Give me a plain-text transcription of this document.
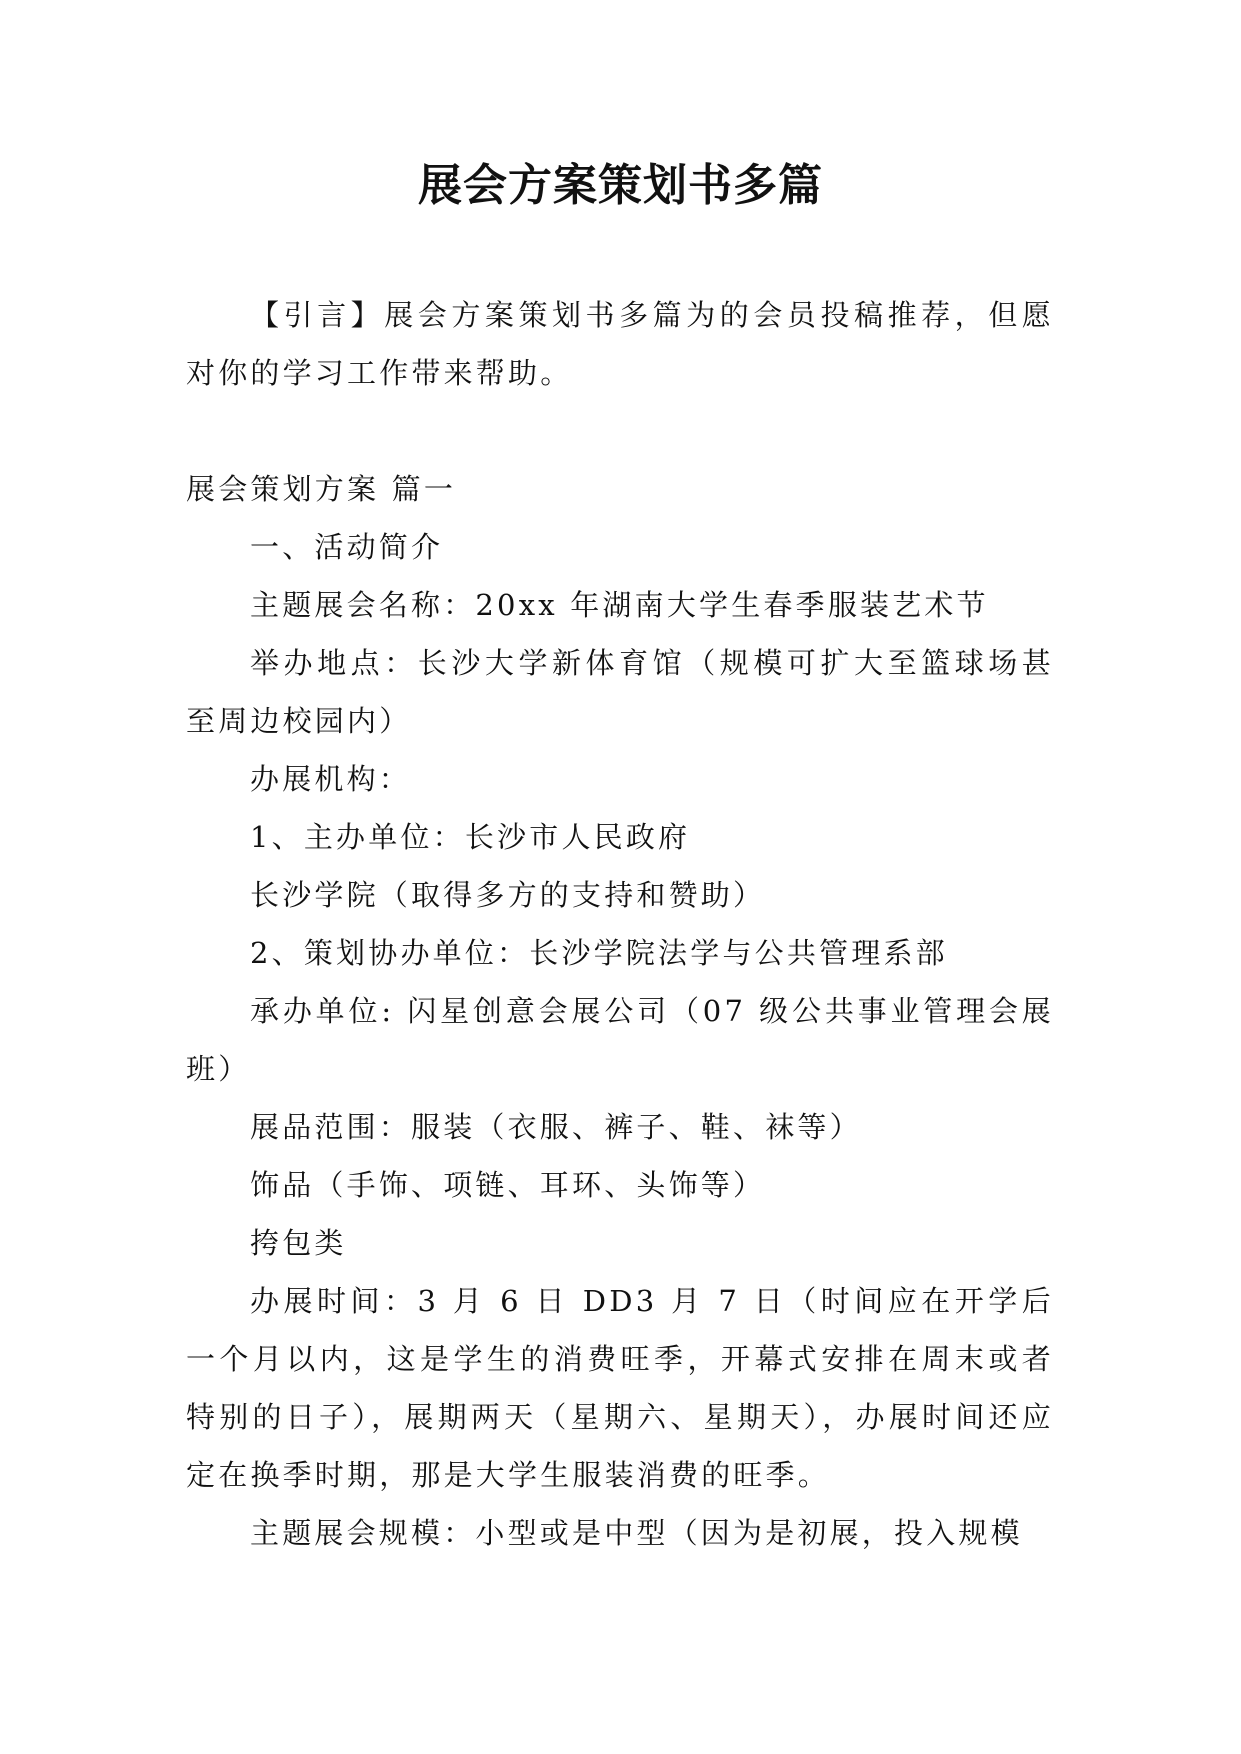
展会方案策划书多篇

【引言】展会方案策划书多篇为的会员投稿推荐，但愿对你的学习工作带来帮助。

展会策划方案 篇一

一、活动简介

主题展会名称：20xx 年湖南大学生春季服装艺术节

举办地点：长沙大学新体育馆（规模可扩大至篮球场甚至周边校园内）

办展机构：

1、主办单位：长沙市人民政府

长沙学院（取得多方的支持和赞助）

2、策划协办单位：长沙学院法学与公共管理系部

承办单位: 闪星创意会展公司（07 级公共事业管理会展班）

展品范围：服装（衣服、裤子、鞋、袜等）

饰品（手饰、项链、耳环、头饰等）

挎包类

办展时间：3 月 6 日 DD3 月 7 日（时间应在开学后一个月以内，这是学生的消费旺季，开幕式安排在周末或者特别的日子），展期两天（星期六、星期天），办展时间还应定在换季时期，那是大学生服装消费的旺季。

主题展会规模：小型或是中型（因为是初展，投入规模
